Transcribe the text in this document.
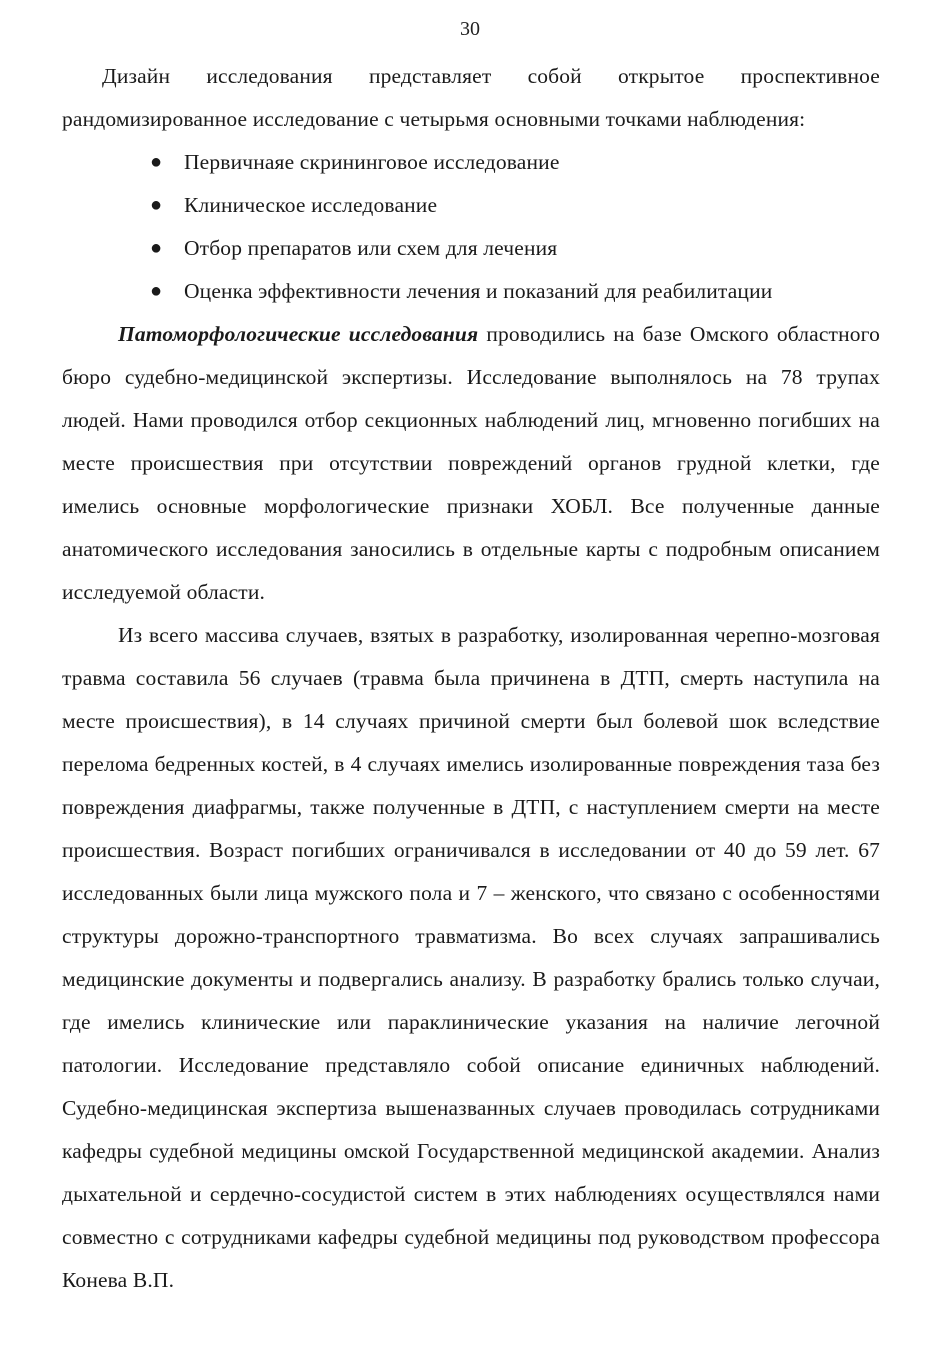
30

Дизайн исследования представляет собой открытое проспективное рандомизированное исследование с четырьмя основными точками наблюдения:

● Первичнаяе скрининговое исследование
● Клиническое исследование
● Отбор препаратов или схем для лечения
● Оценка эффективности лечения и показаний для реабилитации

Патоморфологические исследования проводились на базе Омского областного бюро судебно-медицинской экспертизы. Исследование выполнялось на 78 трупах людей. Нами проводился отбор секционных наблюдений лиц, мгновенно погибших на месте происшествия при отсутствии повреждений органов грудной клетки, где имелись основные морфологические признаки ХОБЛ. Все полученные данные анатомического исследования заносились в отдельные карты с подробным описанием исследуемой области.

Из всего массива случаев, взятых в разработку, изолированная черепно-мозговая травма составила 56 случаев (травма была причинена в ДТП, смерть наступила на месте происшествия), в 14 случаях причиной смерти был болевой шок вследствие перелома бедренных костей, в 4 случаях имелись изолированные повреждения таза без повреждения диафрагмы, также полученные в ДТП, с наступлением смерти на месте происшествия. Возраст погибших ограничивался в исследовании от 40 до 59 лет. 67 исследованных были лица мужского пола и 7 – женского, что связано с особенностями структуры дорожно-транспортного травматизма. Во всех случаях запрашивались медицинские документы и подвергались анализу. В разработку брались только случаи, где имелись клинические или параклинические указания на наличие легочной патологии. Исследование представляло собой описание единичных наблюдений. Судебно-медицинская экспертиза вышеназванных случаев проводилась сотрудниками кафедры судебной медицины омской Государственной медицинской академии. Анализ дыхательной и сердечно-сосудистой систем в этих наблюдениях осуществлялся нами совместно с сотрудниками кафедры судебной медицины под руководством профессора Конева В.П.
